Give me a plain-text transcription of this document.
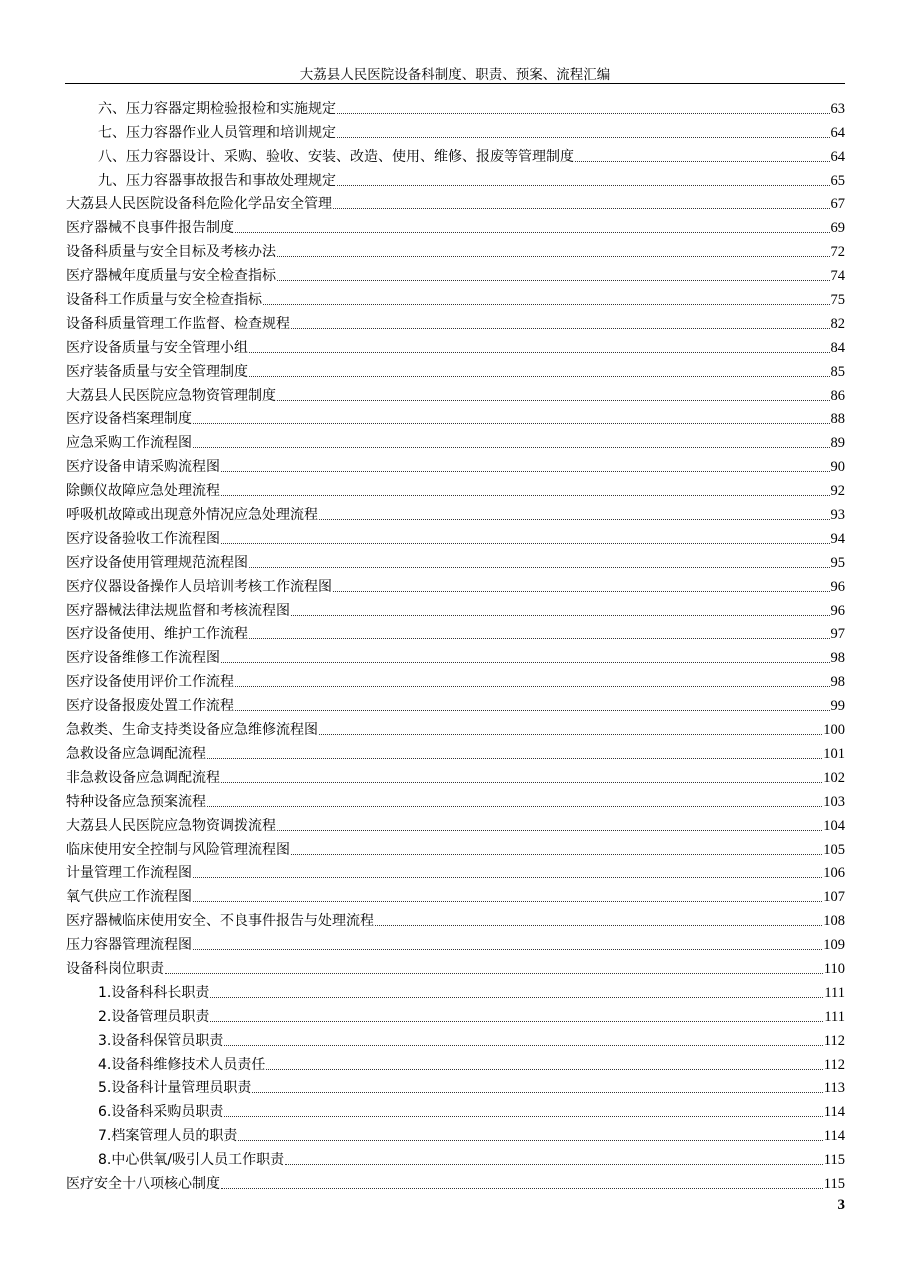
大荔县人民医院设备科制度、职责、预案、流程汇编
六、压力容器定期检验报检和实施规定	63
七、压力容器作业人员管理和培训规定	64
八、压力容器设计、采购、验收、安装、改造、使用、维修、报废等管理制度	64
九、压力容器事故报告和事故处理规定	65
大荔县人民医院设备科危险化学品安全管理	67
医疗器械不良事件报告制度	69
设备科质量与安全目标及考核办法	72
医疗器械年度质量与安全检查指标	74
设备科工作质量与安全检查指标	75
设备科质量管理工作监督、检查规程	82
医疗设备质量与安全管理小组	84
医疗装备质量与安全管理制度	85
大荔县人民医院应急物资管理制度	86
医疗设备档案理制度	88
应急采购工作流程图	89
医疗设备申请采购流程图	90
除颤仪故障应急处理流程	92
呼吸机故障或出现意外情况应急处理流程	93
医疗设备验收工作流程图	94
医疗设备使用管理规范流程图	95
医疗仪器设备操作人员培训考核工作流程图	96
医疗器械法律法规监督和考核流程图	96
医疗设备使用、维护工作流程	97
医疗设备维修工作流程图	98
医疗设备使用评价工作流程	98
医疗设备报废处置工作流程	99
急救类、生命支持类设备应急维修流程图	100
急救设备应急调配流程	101
非急救设备应急调配流程	102
特种设备应急预案流程	103
大荔县人民医院应急物资调拨流程	104
临床使用安全控制与风险管理流程图	105
计量管理工作流程图	106
氧气供应工作流程图	107
医疗器械临床使用安全、不良事件报告与处理流程	108
压力容器管理流程图	109
设备科岗位职责	110
1.设备科科长职责	111
2.设备管理员职责	111
3.设备科保管员职责	112
4.设备科维修技术人员责任	112
5.设备科计量管理员职责	113
6.设备科采购员职责	114
7.档案管理人员的职责	114
8.中心供氧/吸引人员工作职责	115
医疗安全十八项核心制度	115
3
